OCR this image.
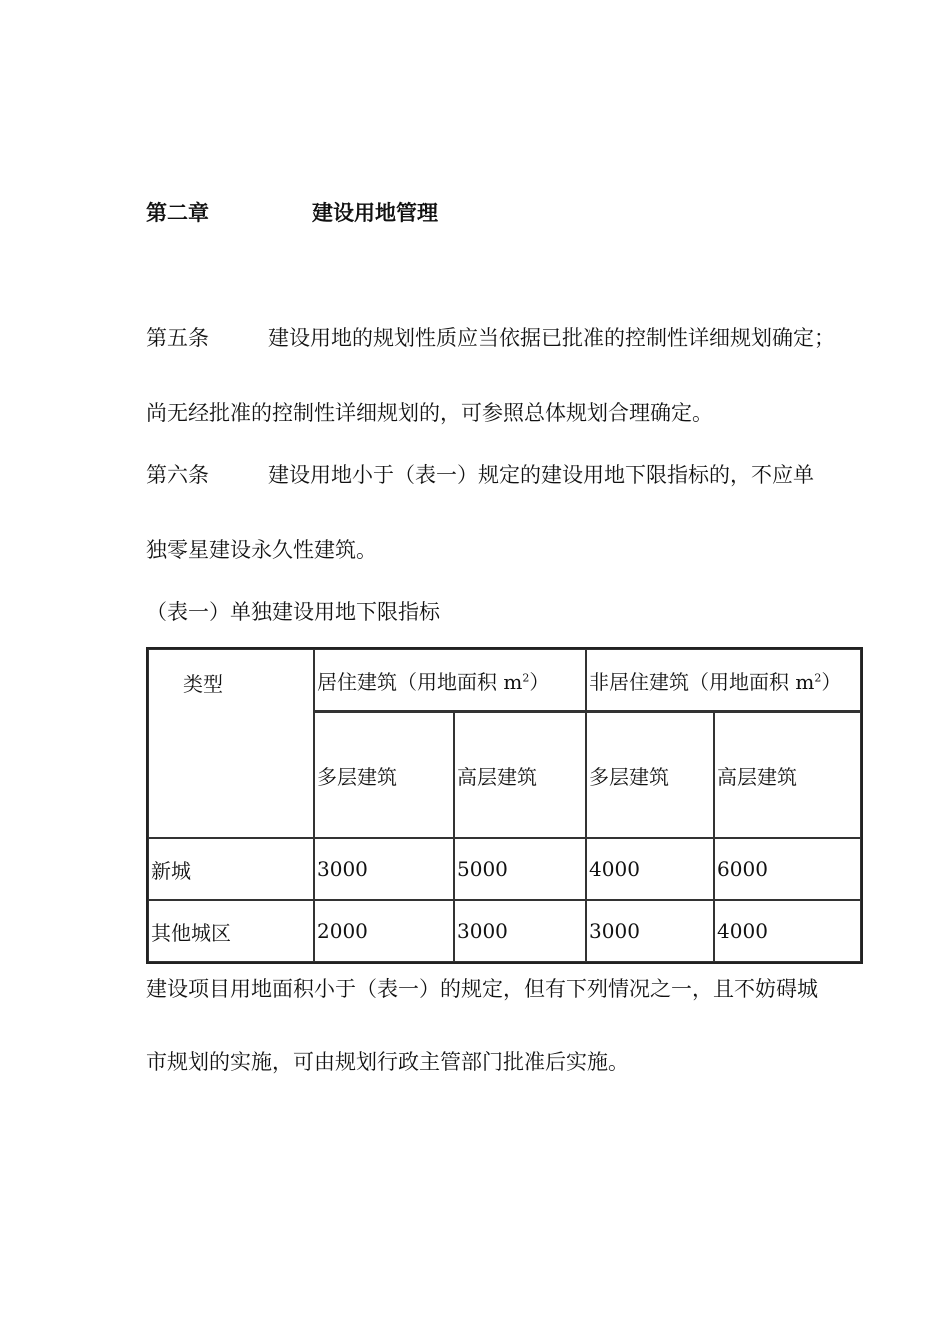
第二章	建设用地管理
第五条	建设用地的规划性质应当依据已批准的控制性详细规划确定；
尚无经批准的控制性详细规划的，可参照总体规划合理确定。
第六条	建设用地小于（表一）规定的建设用地下限指标的，不应单
独零星建设永久性建筑。
（表一）单独建设用地下限指标
类型	居住建筑（用地面积 $m^2$）		非居住建筑（用地面积 $m^2$）	
	多层建筑	高层建筑	多层建筑	高层建筑
新城	3000	5000	4000	6000
其他城区	2000	3000	3000	4000
建设项目用地面积小于（表一）的规定，但有下列情况之一，且不妨碍城
市规划的实施，可由规划行政主管部门批准后实施。
